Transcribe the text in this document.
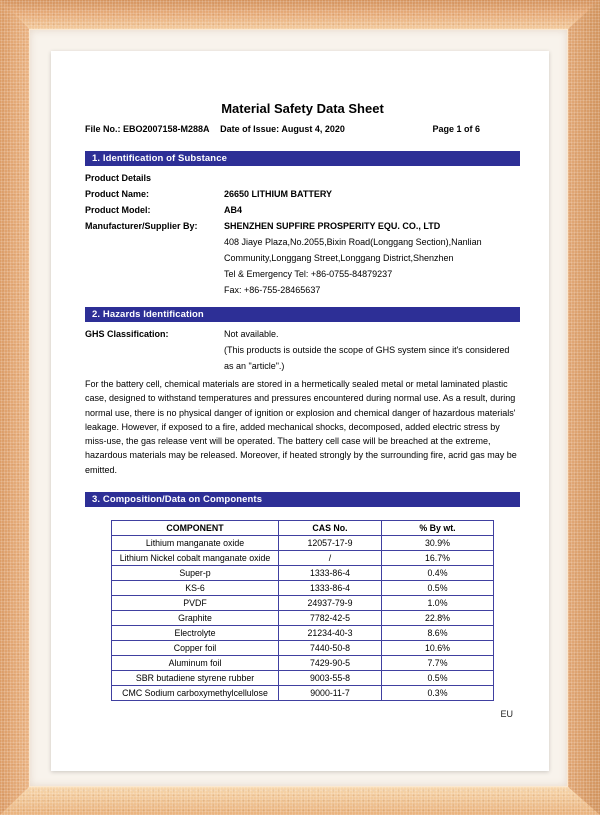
Material Safety Data Sheet
File No.: EBO2007158-M288A	Date of Issue: August 4, 2020	Page 1 of 6
1. Identification of Substance
Product Details
Product Name:	26650 LITHIUM BATTERY
Product Model:	AB4
Manufacturer/Supplier By:	SHENZHEN SUPFIRE PROSPERITY EQU. CO., LTD
408 Jiaye Plaza,No.2055,Bixin Road(Longgang Section),Nanlian
Community,Longgang Street,Longgang District,Shenzhen
Tel & Emergency Tel: +86-0755-84879237
Fax: +86-755-28465637
2. Hazards Identification
GHS Classification:	Not available.
(This products is outside the scope of GHS system since it's considered as an "article".)
For the battery cell, chemical materials are stored in a hermetically sealed metal or metal laminated plastic case, designed to withstand temperatures and pressures encountered during normal use. As a result, during normal use, there is no physical danger of ignition or explosion and chemical danger of hazardous materials' leakage. However, if exposed to a fire, added mechanical shocks, decomposed, added electric stress by miss-use, the gas release vent will be operated. The battery cell case will be breached at the extreme, hazardous materials may be released. Moreover, if heated strongly by the surrounding fire, acrid gas may be emitted.
3. Composition/Data on Components
COMPONENT	CAS No.	% By wt.
Lithium manganate oxide	12057-17-9	30.9%
Lithium Nickel cobalt manganate oxide	/	16.7%
Super-p	1333-86-4	0.4%
KS-6	1333-86-4	0.5%
PVDF	24937-79-9	1.0%
Graphite	7782-42-5	22.8%
Electrolyte	21234-40-3	8.6%
Copper foil	7440-50-8	10.6%
Aluminum foil	7429-90-5	7.7%
SBR butadiene styrene rubber	9003-55-8	0.5%
CMC Sodium carboxymethylcellulose	9000-11-7	0.3%
EU
